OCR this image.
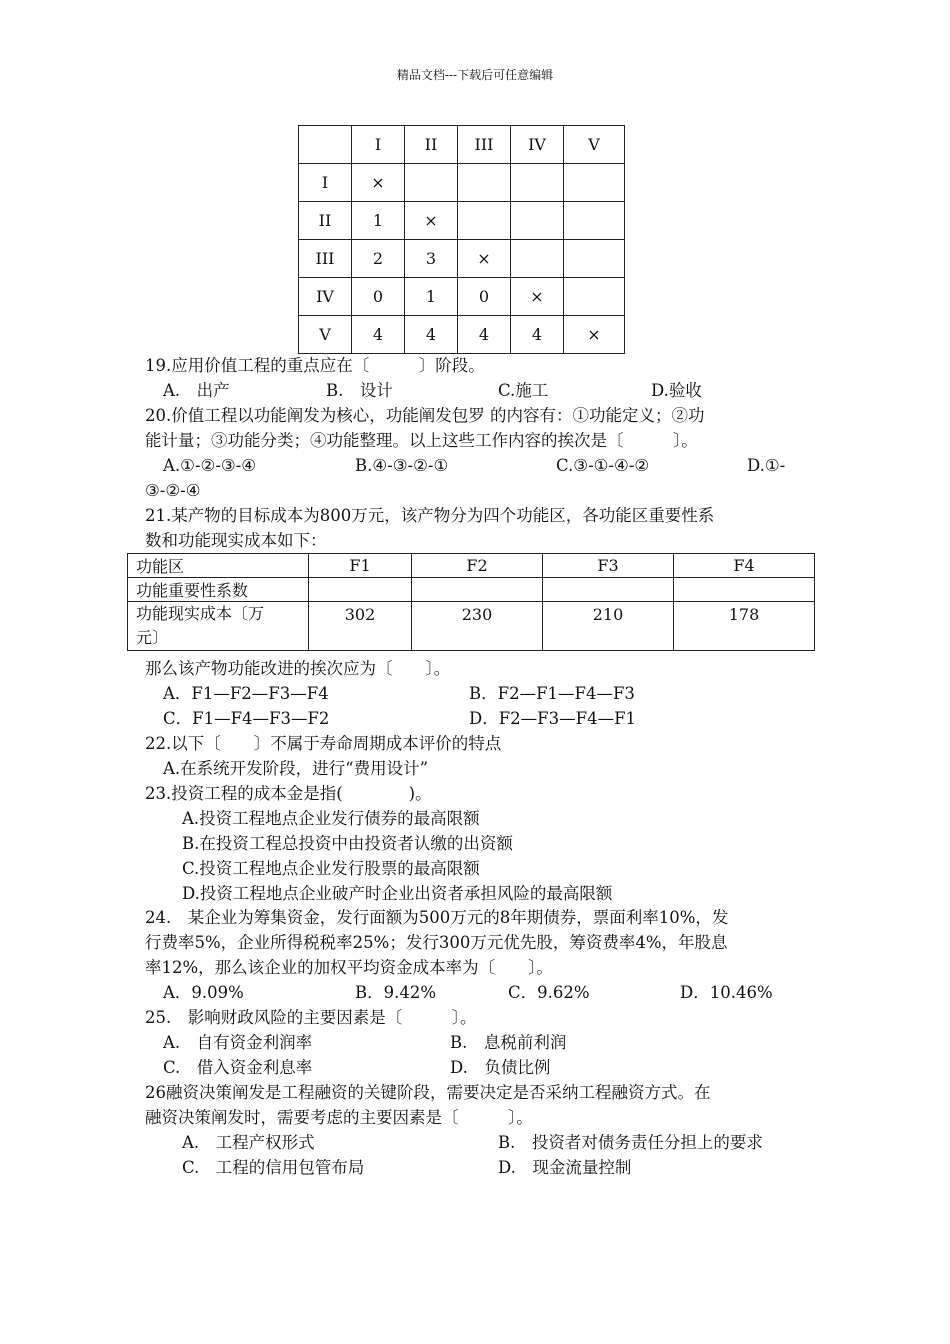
精品文档---下载后可任意编辑
	I	II	III	IV	V
I	×				
II	1	×			
III	2	3	×		
IV	0	1	0	×	
V	4	4	4	4	×
19.应用价值工程的重点应在〔　　　〕阶段。
A.　出产	B.　设计	C.施工	D.验收
20.价值工程以功能阐发为核心，功能阐发包罗 的内容有：①功能定义；②功
能计量；③功能分类；④功能整理。以上这些工作内容的挨次是〔　　　〕。
A.①-②-③-④	B.④-③-②-①	C.③-①-④-②	D.①-
③-②-④
21.某产物的目标成本为800万元，该产物分为四个功能区，各功能区重要性系
数和功能现实成本如下：
功能区	F1	F2	F3	F4
功能重要性系数				
功能现实成本〔万
元〕	302	230	210	178
那么该产物功能改进的挨次应为〔　　〕。
A．F1—F2—F3—F4	B．F2—F1—F4—F3
C．F1—F4—F3—F2	D．F2—F3—F4—F1
22.以下〔　　〕不属于寿命周期成本评价的特点
A.在系统开发阶段，进行“费用设计”
23.投资工程的成本金是指(　　　　)。
A.投资工程地点企业发行债券的最高限额
B.在投资工程总投资中由投资者认缴的出资额
C.投资工程地点企业发行股票的最高限额
D.投资工程地点企业破产时企业出资者承担风险的最高限额
24.　某企业为筹集资金，发行面额为500万元的8年期债券，票面利率10%，发
行费率5%，企业所得税税率25%；发行300万元优先股，筹资费率4%，年股息
率12%，那么该企业的加权平均资金成本率为〔　　〕。
A．9.09%	B．9.42%	C．9.62%	D．10.46%
25.　影响财政风险的主要因素是〔　　　〕。
A.　自有资金利润率	B.　息税前利润
C.　借入资金利息率	D.　负债比例
26融资决策阐发是工程融资的关键阶段，需要决定是否采纳工程融资方式。在
融资决策阐发时，需要考虑的主要因素是〔　　　〕。
A.　工程产权形式	B.　投资者对债务责任分担上的要求
C.　工程的信用包管布局	D.　现金流量控制
